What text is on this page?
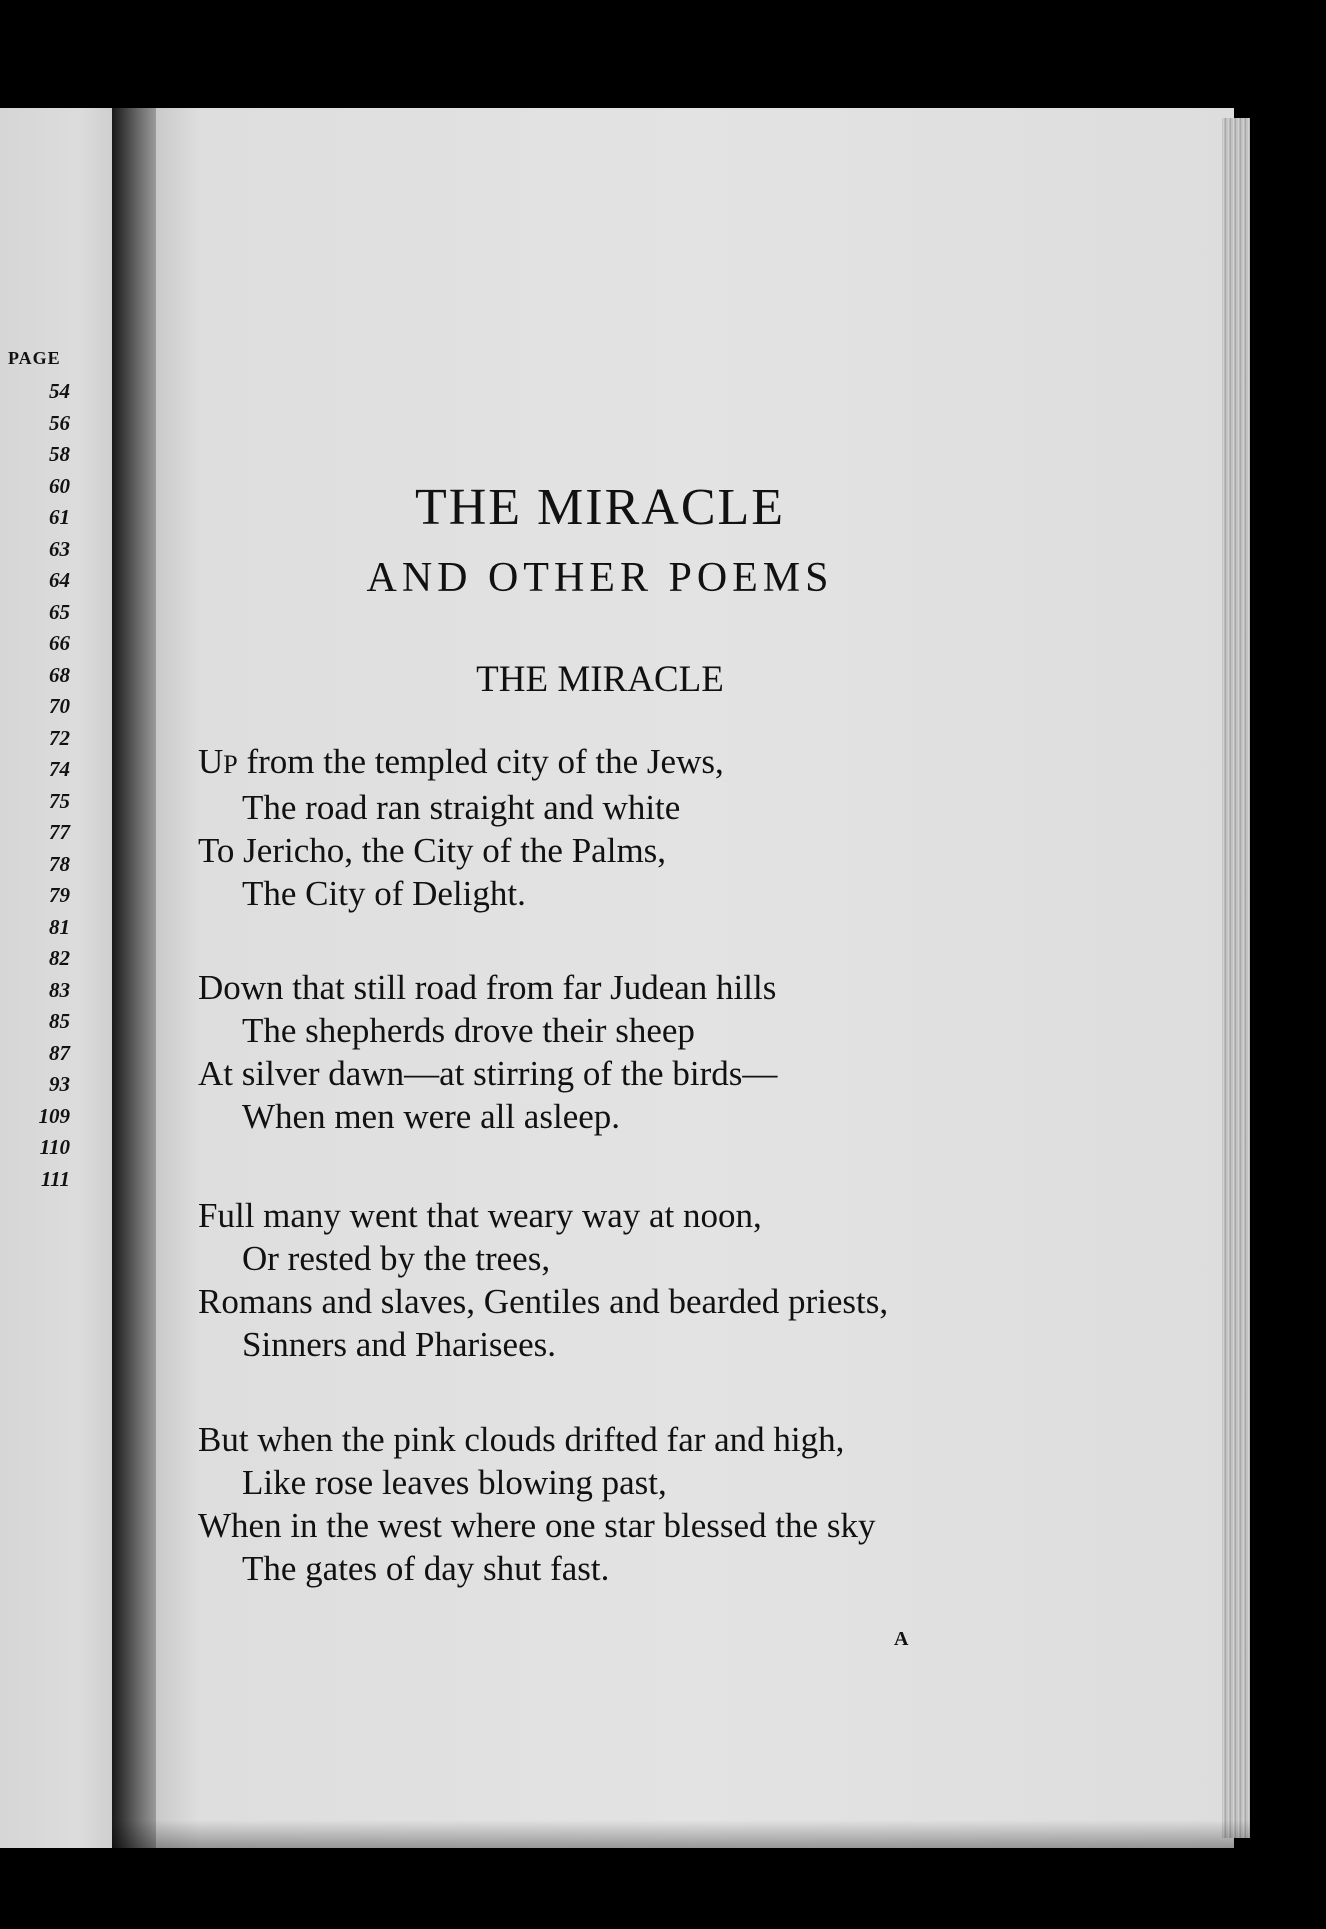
PAGE
54
56
58
60
61
63
64
65
66
68
70
72
74
75
77
78
79
81
82
83
85
87
93
109
110
111
THE MIRACLE
AND OTHER POEMS
THE MIRACLE
UP from the templed city of the Jews,
The road ran straight and white
To Jericho, the City of the Palms,
The City of Delight.
Down that still road from far Judean hills
The shepherds drove their sheep
At silver dawn—at stirring of the birds—
When men were all asleep.
Full many went that weary way at noon,
Or rested by the trees,
Romans and slaves, Gentiles and bearded priests,
Sinners and Pharisees.
But when the pink clouds drifted far and high,
Like rose leaves blowing past,
When in the west where one star blessed the sky
The gates of day shut fast.
A
